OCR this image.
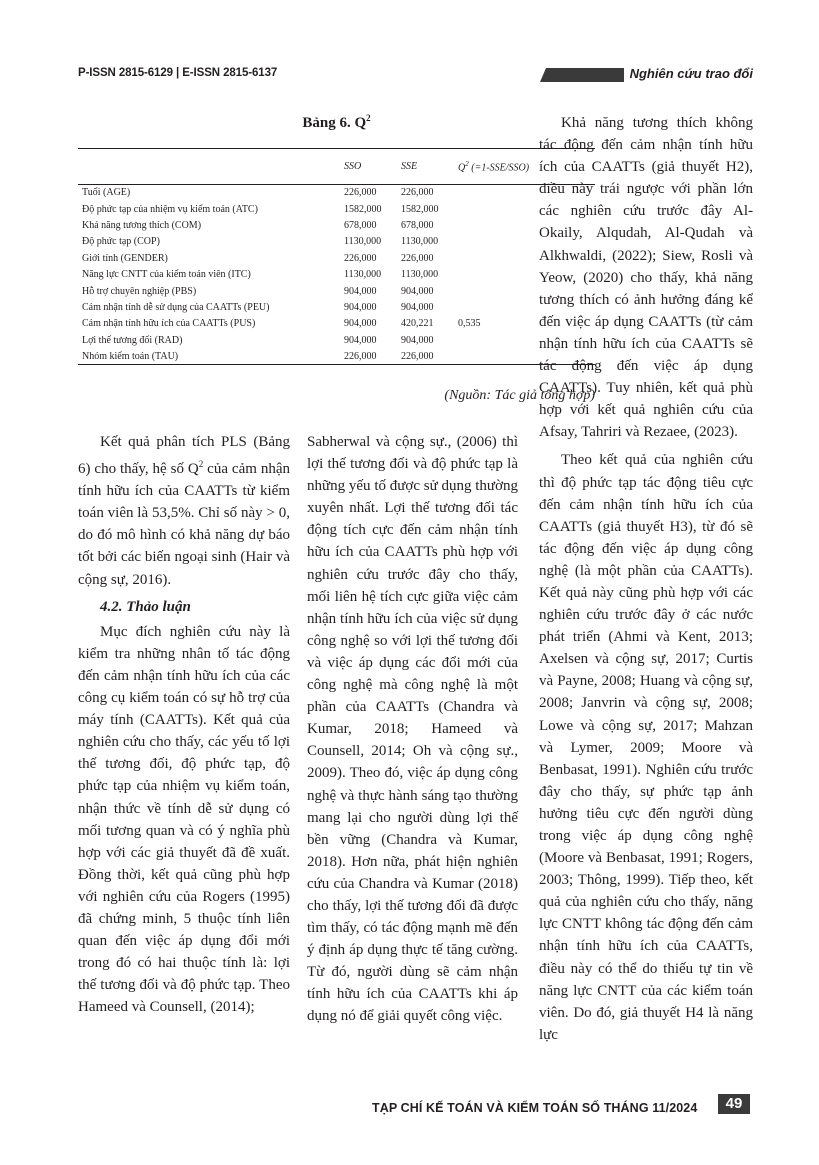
P-ISSN 2815-6129 | E-ISSN 2815-6137	Nghiên cứu trao đổi
Bảng 6. $Q^2$
	SSO	SSE	$Q^2$ (=1-SSE/SSO)
Tuổi (AGE)	226,000	226,000	
Độ phức tạp của nhiệm vụ kiểm toán (ATC)	1582,000	1582,000	
Khả năng tương thích (COM)	678,000	678,000	
Độ phức tạp (COP)	1130,000	1130,000	
Giới tính (GENDER)	226,000	226,000	
Năng lực CNTT của kiểm toán viên (ITC)	1130,000	1130,000	
Hỗ trợ chuyên nghiệp (PBS)	904,000	904,000	
Cảm nhận tính dễ sử dụng của CAATTs (PEU)	904,000	904,000	
Cảm nhận tính hữu ích của CAATTs (PUS)	904,000	420,221	0,535
Lợi thế tương đối (RAD)	904,000	904,000	
Nhóm kiểm toán (TAU)	226,000	226,000	
(Nguồn: Tác giả tổng hợp)

Kết quả phân tích PLS (Bảng 6) cho thấy, hệ số $Q^2$ của cảm nhận tính hữu ích của CAATTs từ kiểm toán viên là 53,5%. Chỉ số này > 0, do đó mô hình có khả năng dự báo tốt bởi các biến ngoại sinh (Hair và cộng sự, 2016).

4.2. Thảo luận

Mục đích nghiên cứu này là kiểm tra những nhân tố tác động đến cảm nhận tính hữu ích của các công cụ kiểm toán có sự hỗ trợ của máy tính (CAATTs). Kết quả của nghiên cứu cho thấy, các yếu tố lợi thế tương đối, độ phức tạp, độ phức tạp của nhiệm vụ kiểm toán, nhận thức về tính dễ sử dụng có mối tương quan và có ý nghĩa phù hợp với các giả thuyết đã đề xuất. Đồng thời, kết quả cũng phù hợp với nghiên cứu của Rogers (1995) đã chứng minh, 5 thuộc tính liên quan đến việc áp dụng đổi mới trong đó có hai thuộc tính là: lợi thế tương đối và độ phức tạp. Theo Hameed và Counsell, (2014);

Sabherwal và cộng sự., (2006) thì lợi thế tương đối và độ phức tạp là những yếu tố được sử dụng thường xuyên nhất. Lợi thế tương đối tác động tích cực đến cảm nhận tính hữu ích của CAATTs phù hợp với nghiên cứu trước đây cho thấy, mối liên hệ tích cực giữa việc cảm nhận tính hữu ích của việc sử dụng công nghệ so với lợi thế tương đối và việc áp dụng các đổi mới của công nghệ mà công nghệ là một phần của CAATTs (Chandra và Kumar, 2018; Hameed và Counsell, 2014; Oh và cộng sự., 2009). Theo đó, việc áp dụng công nghệ và thực hành sáng tạo thường mang lại cho người dùng lợi thế bền vững (Chandra và Kumar, 2018). Hơn nữa, phát hiện nghiên cứu của Chandra và Kumar (2018) cho thấy, lợi thế tương đối đã được tìm thấy, có tác động mạnh mẽ đến ý định áp dụng thực tế tăng cường. Từ đó, người dùng sẽ cảm nhận tính hữu ích của CAATTs khi áp dụng nó để giải quyết công việc.

Khả năng tương thích không tác động đến cảm nhận tính hữu ích của CAATTs (giả thuyết H2), điều này trái ngược với phần lớn các nghiên cứu trước đây Al-Okaily, Alqudah, Al-Qudah và Alkhwaldi, (2022); Siew, Rosli và Yeow, (2020) cho thấy, khả năng tương thích có ảnh hưởng đáng kể đến việc áp dụng CAATTs (từ cảm nhận tính hữu ích của CAATTs sẽ tác động đến việc áp dụng CAATTs). Tuy nhiên, kết quả phù hợp với kết quả nghiên cứu của Afsay, Tahriri và Rezaee, (2023).

Theo kết quả của nghiên cứu thì độ phức tạp tác động tiêu cực đến cảm nhận tính hữu ích của CAATTs (giả thuyết H3), từ đó sẽ tác động đến việc áp dụng công nghệ (là một phần của CAATTs). Kết quả này cũng phù hợp với các nghiên cứu trước đây ở các nước phát triển (Ahmi và Kent, 2013; Axelsen và cộng sự, 2017; Curtis và Payne, 2008; Huang và cộng sự, 2008; Janvrin và cộng sự, 2008; Lowe và cộng sự, 2017; Mahzan và Lymer, 2009; Moore và Benbasat, 1991). Nghiên cứu trước đây cho thấy, sự phức tạp ảnh hưởng tiêu cực đến người dùng trong việc áp dụng công nghệ (Moore và Benbasat, 1991; Rogers, 2003; Thông, 1999). Tiếp theo, kết quả của nghiên cứu cho thấy, năng lực CNTT không tác động đến cảm nhận tính hữu ích của CAATTs, điều này có thể do thiếu tự tin về năng lực CNTT của các kiểm toán viên. Do đó, giả thuyết H4 là năng lực

TẠP CHÍ KẾ TOÁN VÀ KIỂM TOÁN SỐ THÁNG 11/2024	49
